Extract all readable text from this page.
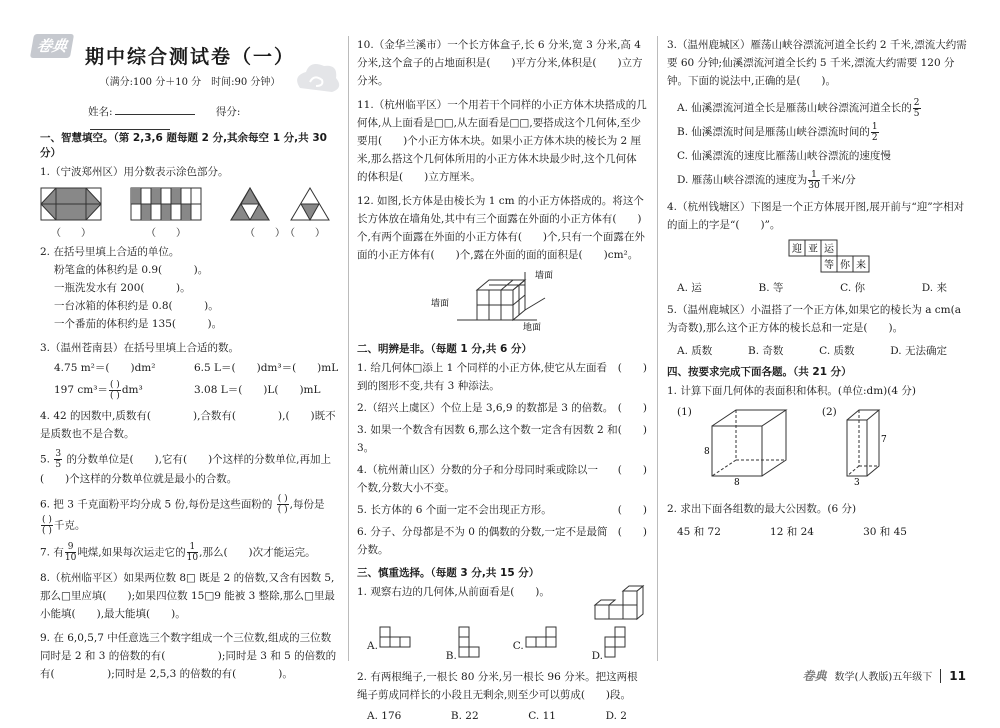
卷典 期中综合测试卷（一）
（满分:100 分＋10 分　时间:90 分钟）
姓名:	得分:
一、智慧填空。（第 2,3,6 题每题 2 分,其余每空 1 分,共 30 分）
1.（宁波郑州区）用分数表示涂色部分。
（　　）	（　　）	（　　）　 （　　）
2. 在括号里填上合适的单位。
粉笔盒的体积约是 0.9(　　　)。
一瓶洗发水有 200(　　　)。
一台冰箱的体积约是 0.8(　　　)。
一个番茄的体积约是 135(　　　)。
3.（温州苍南县）在括号里填上合适的数。
4.75 m²＝(　　)dm²	6.5 L＝(　　)dm³＝(　　)mL
197 $cm^3= \frac{( )}{( )} dm^3$	3.08 L＝(　　)L(　　)mL
4. 42 的因数中,质数有(　　　　),合数有(　　　　),(　　)既不是质数也不是合数。
5. $\frac{3}{5}$ 的分数单位是(　　),它有(　　)个这样的分数单位,再加上(　　)个这样的分数单位就是最小的合数。
6. 把 3 千克面粉平均分成 5 份,每份是这些面粉的 $\frac{( )}{( )}$ ,每份是
$\frac{( )}{( )}$ 千克。
7. 有 $\frac{9}{10}$ 吨煤,如果每次运走它的 $\frac{1}{10}$ ,那么(　　)次才能运完。
8.（杭州临平区）如果两位数 8□ 既是 2 的倍数,又含有因数 5,那么□里应填(　　);如果四位数 15□9 能被 3 整除,那么□里最小能填(　　),最大能填(　　)。
9. 在 6,0,5,7 中任意选三个数字组成一个三位数,组成的三位数同时是 2 和 3 的倍数的有(　　　　　);同时是 3 和 5 的倍数的有(　　　　　);同时是 2,5,3 的倍数的有(　　　　)。
10.（金华兰溪市）一个长方体盒子,长 6 分米,宽 3 分米,高 4 分米,这个盒子的占地面积是(　　)平方分米,体积是(　　)立方分米。
11.（杭州临平区）一个用若干个同样的小正方体木块搭成的几何体,从上面看是□□,从左面看是□□,要搭成这个几何体,至少要用(　　)个小正方体木块。如果小正方体木块的棱长为 2 厘米,那么搭这个几何体所用的小正方体木块最少时,这个几何体的体积是(　　)立方厘米。
12. 如图,长方体是由棱长为 1 cm 的小正方体搭成的。将这个长方体放在墙角处,其中有三个面露在外面的小正方体有(　　)个,有两个面露在外面的小正方体有(　　)个,只有一个面露在外面的小正方体有(　　)个,露在外面的面的面积是(　　)cm²。
墙面
墙面
地面
二、明辨是非。（每题 1 分,共 6 分）
1. 给几何体□添上 1 个同样的小正方体,使它从左面看到的图形不变,共有 3 种添法。
(　　)
2.（绍兴上虞区）个位上是 3,6,9 的数都是 3 的倍数。 (　　)
3. 如果一个数含有因数 6,那么这个数一定含有因数 2 和 3。
(　　)
4.（杭州萧山区）分数的分子和分母同时乘或除以一个数,分数大小不变。
(　　)
5. 长方体的 6 个面一定不会出现正方形。	(　　)
6. 分子、分母都是不为 0 的偶数的分数,一定不是最简分数。
(　　)
三、慎重选择。（每题 3 分,共 15 分）
1. 观察右边的几何体,从前面看是(　　)。
A.
B.
C.
D.
2. 有两根绳子,一根长 80 分米,另一根长 96 分米。把这两根绳子剪成同样长的小段且无剩余,则至少可以剪成(　　)段。
A. 176	B. 22	C. 11	D. 2
3.（温州鹿城区）雁荡山峡谷漂流河道全长约 2 千米,漂流大约需要 60 分钟;仙溪漂流河道全长约 5 千米,漂流大约需要 120 分钟。下面的说法中,正确的是(　　)。
A. 仙溪漂流河道全长是雁荡山峡谷漂流河道全长的 $\frac{2}{5}$
B. 仙溪漂流时间是雁荡山峡谷漂流时间的 $\frac{1}{2}$
C. 仙溪漂流的速度比雁荡山峡谷漂流的速度慢
D. 雁荡山峡谷漂流的速度为 $\frac{1}{30}$ 千米/分
4.（杭州钱塘区）下图是一个正方体展开图,展开前与“迎”字相对的面上的字是“(　　)”。
迎 亚 运
等 你 来
A. 运	B. 等	C. 你	D. 来
5.（温州鹿城区）小温搭了一个正方体,如果它的棱长为 a cm(a 为奇数),那么这个正方体的棱长总和一定是(　　)。
A. 质数	B. 奇数	C. 质数	D. 无法确定
四、按要求完成下面各题。（共 21 分）
1. 计算下面几何体的表面积和体积。(单位:dm)(4 分)
(1)
8
8
(2)
7
3
2. 求出下面各组数的最大公因数。(6 分)
45 和 72	12 和 24	30 和 45
卷典 数学(人教版)五年级下	11
